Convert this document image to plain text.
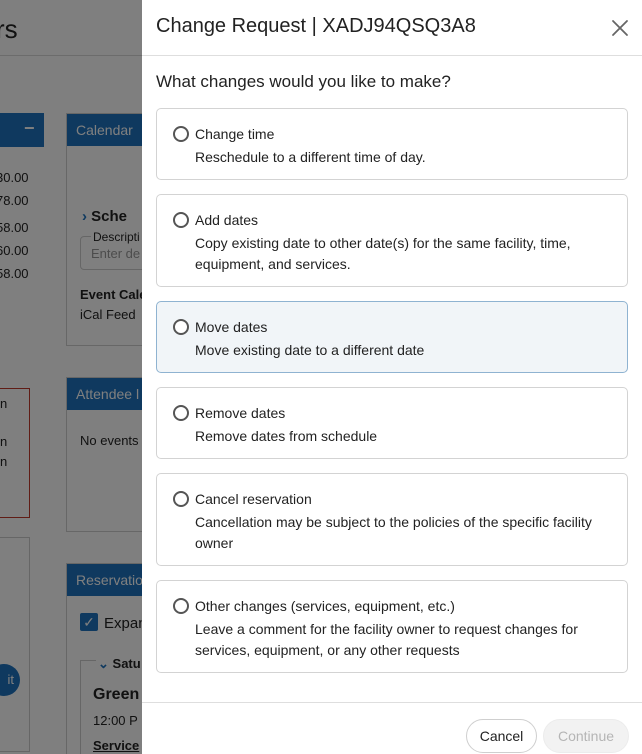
Change Request | XADJ94QSQ3A8
What changes would you like to make?
Change time
Reschedule to a different time of day.
Add dates
Copy existing date to other date(s) for the same facility, time, equipment, and services.
Move dates
Move existing date to a different date
Remove dates
Remove dates from schedule
Cancel reservation
Cancellation may be subject to the policies of the specific facility owner
Other changes (services, equipment, etc.)
Leave a comment for the facility owner to request changes for services, equipment, or any other requests
Cancel	Continue
